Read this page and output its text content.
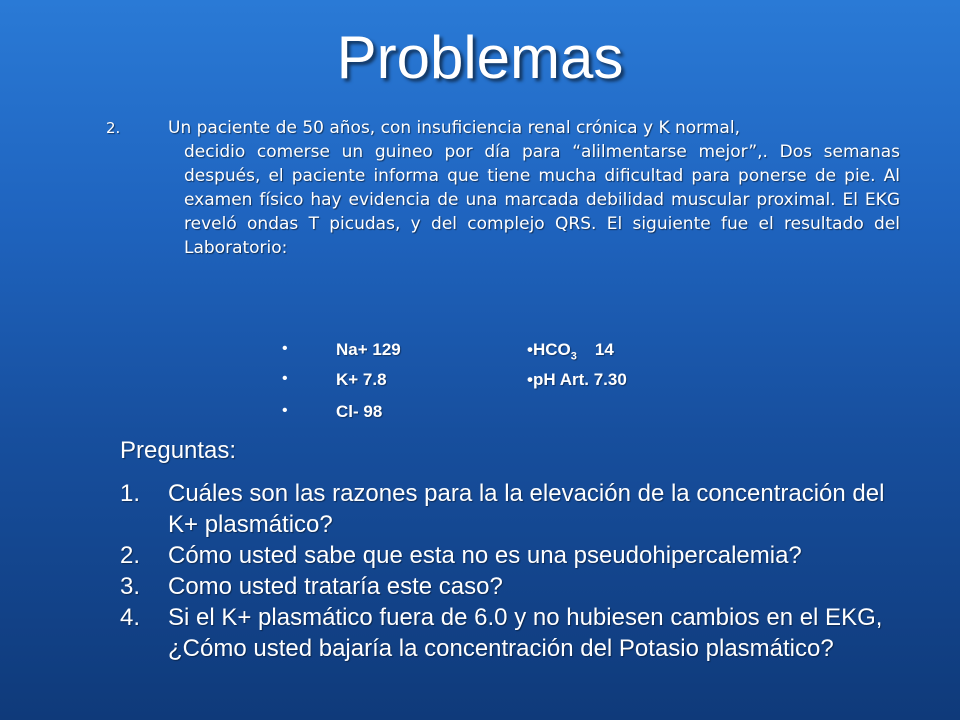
Problemas
2.	Un paciente de 50 años, con insuficiencia renal crónica y K normal,
decidio comerse un guineo por día para “alilmentarse mejor”,. Dos semanas después, el paciente informa que tiene mucha dificultad para ponerse de pie. Al examen físico hay evidencia de una marcada debilidad muscular proximal. El EKG reveló ondas T picudas, y del complejo QRS. El siguiente fue el resultado del Laboratorio:
•	Na+ 129
•	K+ 7.8
•	Cl- 98
$•HCO_3$ 14
•pH Art. 7.30
Preguntas:
1. Cuáles son las razones para la la elevación de la concentración del K+ plasmático?
2. Cómo usted sabe que esta no es una pseudohipercalemia?
3. Como usted trataría este caso?
4. Si el K+ plasmático fuera de 6.0 y no hubiesen cambios en el EKG, ¿Cómo usted bajaría la concentración del Potasio plasmático?
